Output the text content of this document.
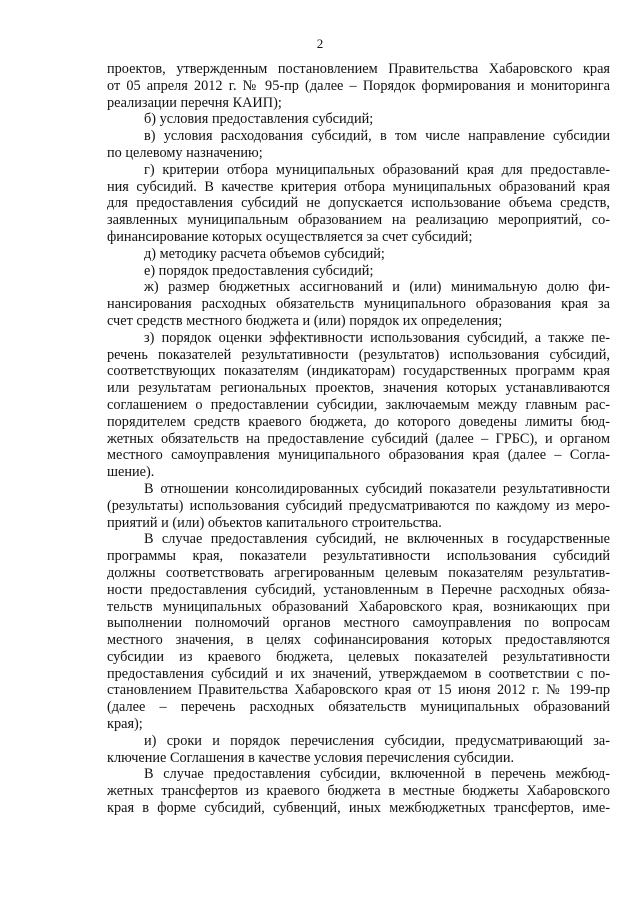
2
проектов, утвержденным постановлением Правительства Хабаровского края
от 05 апреля 2012 г. № 95-пр (далее – Порядок формирования и мониторинга
реализации перечня КАИП);
б) условия предоставления субсидий;
в) условия расходования субсидий, в том числе направление субсидии
по целевому назначению;
г) критерии отбора муниципальных образований края для предоставле-
ния субсидий. В качестве критерия отбора муниципальных образований края
для предоставления субсидий не допускается использование объема средств,
заявленных муниципальным образованием на реализацию мероприятий, со-
финансирование которых осуществляется за счет субсидий;
д) методику расчета объемов субсидий;
е) порядок предоставления субсидий;
ж) размер бюджетных ассигнований и (или) минимальную долю фи-
нансирования расходных обязательств муниципального образования края за
счет средств местного бюджета и (или) порядок их определения;
з) порядок оценки эффективности использования субсидий, а также пе-
речень показателей результативности (результатов) использования субсидий,
соответствующих показателям (индикаторам) государственных программ края
или результатам региональных проектов, значения которых устанавливаются
соглашением о предоставлении субсидии, заключаемым между главным рас-
порядителем средств краевого бюджета, до которого доведены лимиты бюд-
жетных обязательств на предоставление субсидий (далее – ГРБС), и органом
местного самоуправления муниципального образования края (далее – Согла-
шение).
В отношении консолидированных субсидий показатели результативности
(результаты) использования субсидий предусматриваются по каждому из меро-
приятий и (или) объектов капитального строительства.
В случае предоставления субсидий, не включенных в государственные
программы края, показатели результативности использования субсидий
должны соответствовать агрегированным целевым показателям результатив-
ности предоставления субсидий, установленным в Перечне расходных обяза-
тельств муниципальных образований Хабаровского края, возникающих при
выполнении полномочий органов местного самоуправления по вопросам
местного значения, в целях софинансирования которых предоставляются
субсидии из краевого бюджета, целевых показателей результативности
предоставления субсидий и их значений, утверждаемом в соответствии с по-
становлением Правительства Хабаровского края от 15 июня 2012 г. № 199-пр
(далее – перечень расходных обязательств муниципальных образований
края);
и) сроки и порядок перечисления субсидии, предусматривающий за-
ключение Соглашения в качестве условия перечисления субсидии.
В случае предоставления субсидии, включенной в перечень межбюд-
жетных трансфертов из краевого бюджета в местные бюджеты Хабаровского
края в форме субсидий, субвенций, иных межбюджетных трансфертов, име-
